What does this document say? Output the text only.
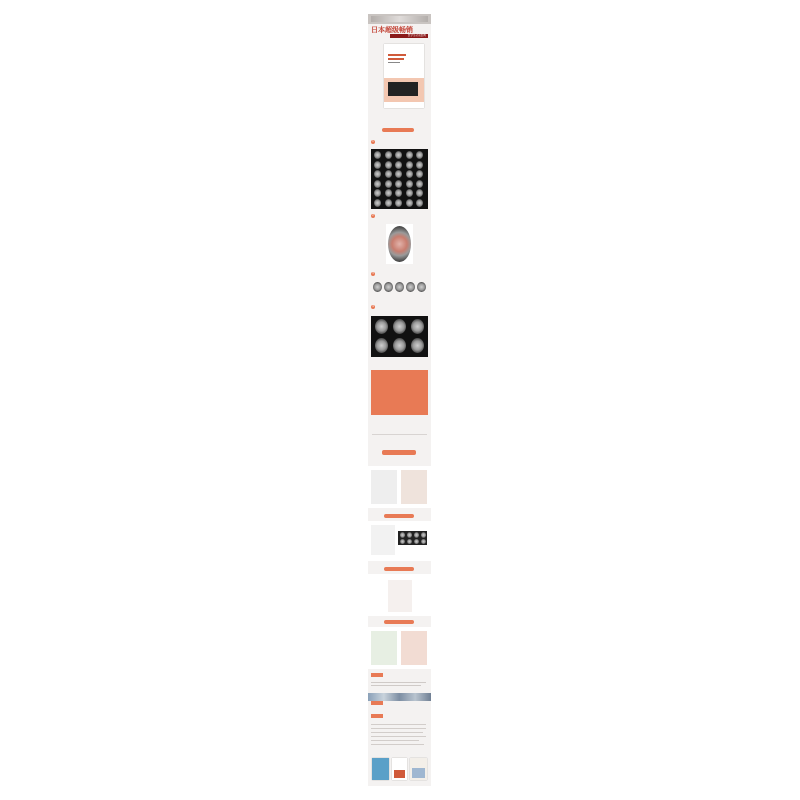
日本超级畅销
医学生必读经典
1
2
3
4
